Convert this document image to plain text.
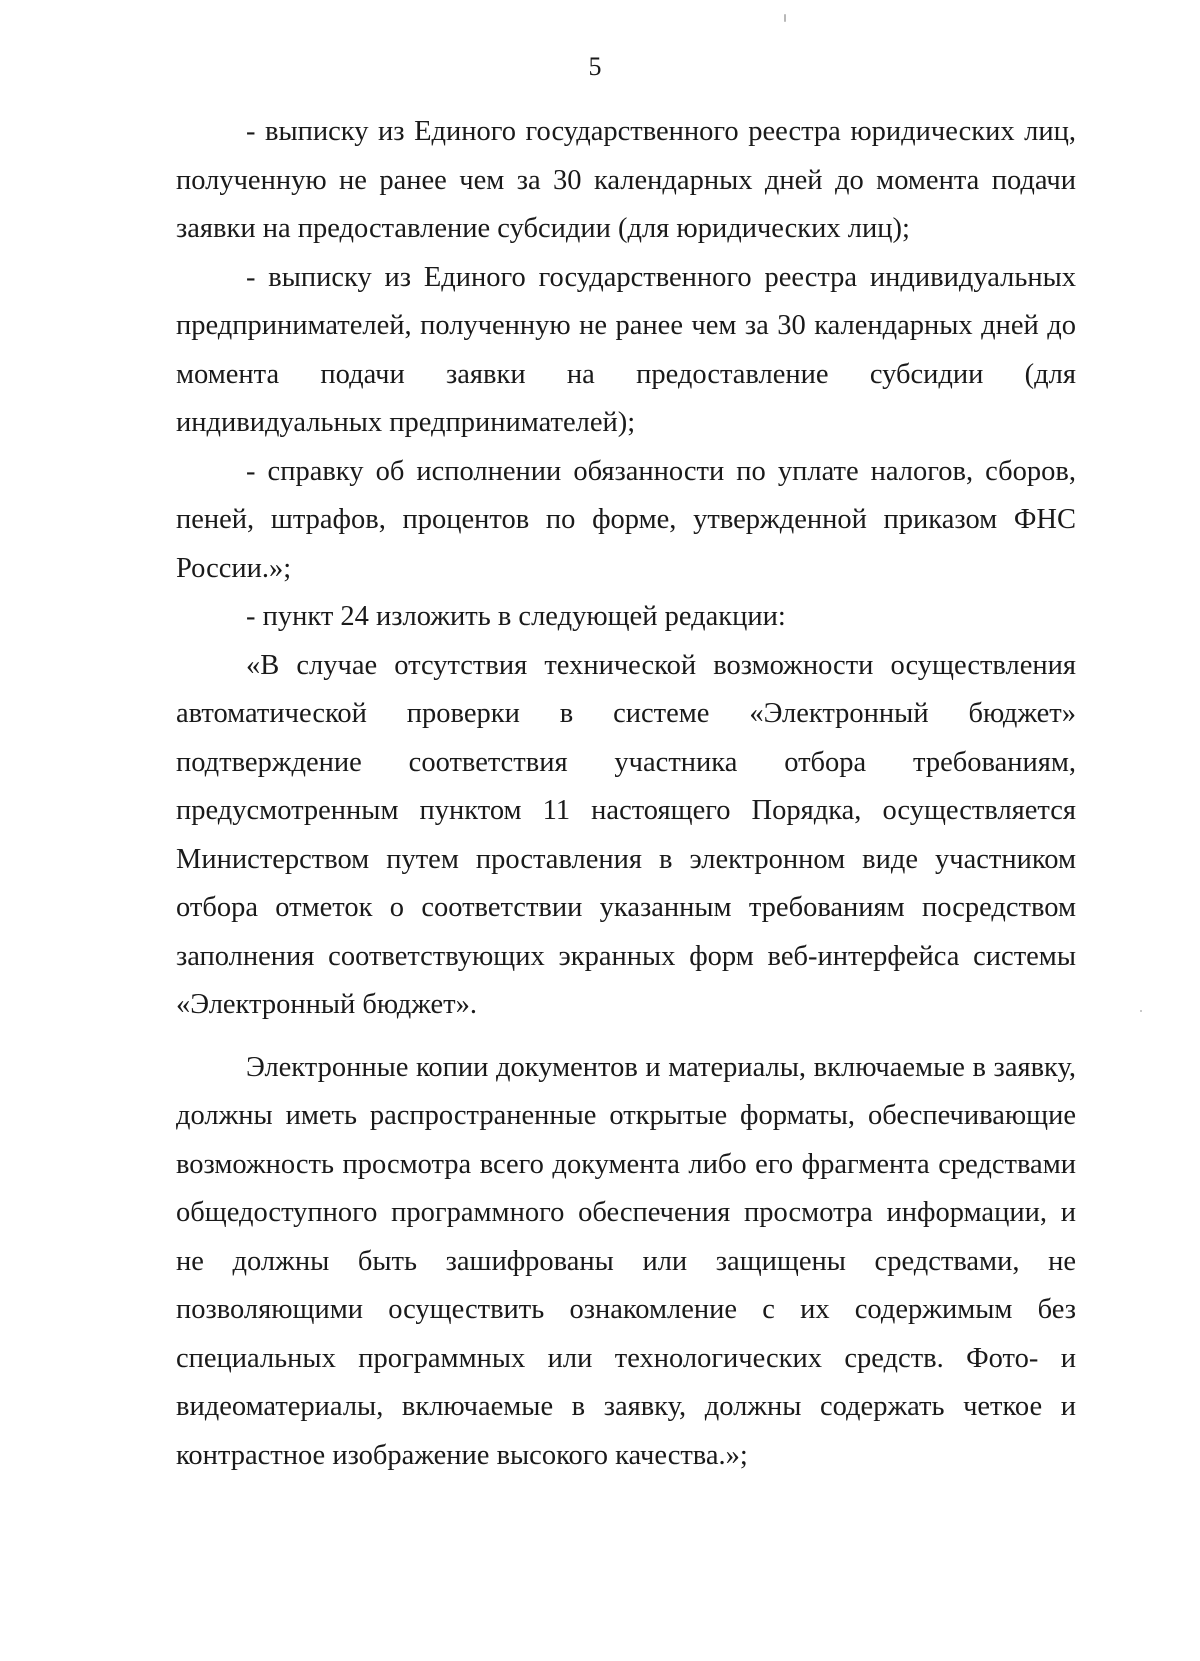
5

- выписку из Единого государственного реестра юридических лиц, полученную не ранее чем за 30 календарных дней до момента подачи заявки на предоставление субсидии (для юридических лиц);

- выписку из Единого государственного реестра индивидуальных предпринимателей, полученную не ранее чем за 30 календарных дней до момента подачи заявки на предоставление субсидии (для индивидуальных предпринимателей);

- справку об исполнении обязанности по уплате налогов, сборов, пеней, штрафов, процентов по форме, утвержденной приказом ФНС России.»;

- пункт 24 изложить в следующей редакции:

«В случае отсутствия технической возможности осуществления автоматической проверки в системе «Электронный бюджет» подтверждение соответствия участника отбора требованиям, предусмотренным пунктом 11 настоящего Порядка, осуществляется Министерством путем проставления в электронном виде участником отбора отметок о соответствии указанным требованиям посредством заполнения соответствующих экранных форм веб-интерфейса системы «Электронный бюджет».

Электронные копии документов и материалы, включаемые в заявку, должны иметь распространенные открытые форматы, обеспечивающие возможность просмотра всего документа либо его фрагмента средствами общедоступного программного обеспечения просмотра информации, и не должны быть зашифрованы или защищены средствами, не позволяющими осуществить ознакомление с их содержимым без специальных программных или технологических средств. Фото- и видеоматериалы, включаемые в заявку, должны содержать четкое и контрастное изображение высокого качества.»;
